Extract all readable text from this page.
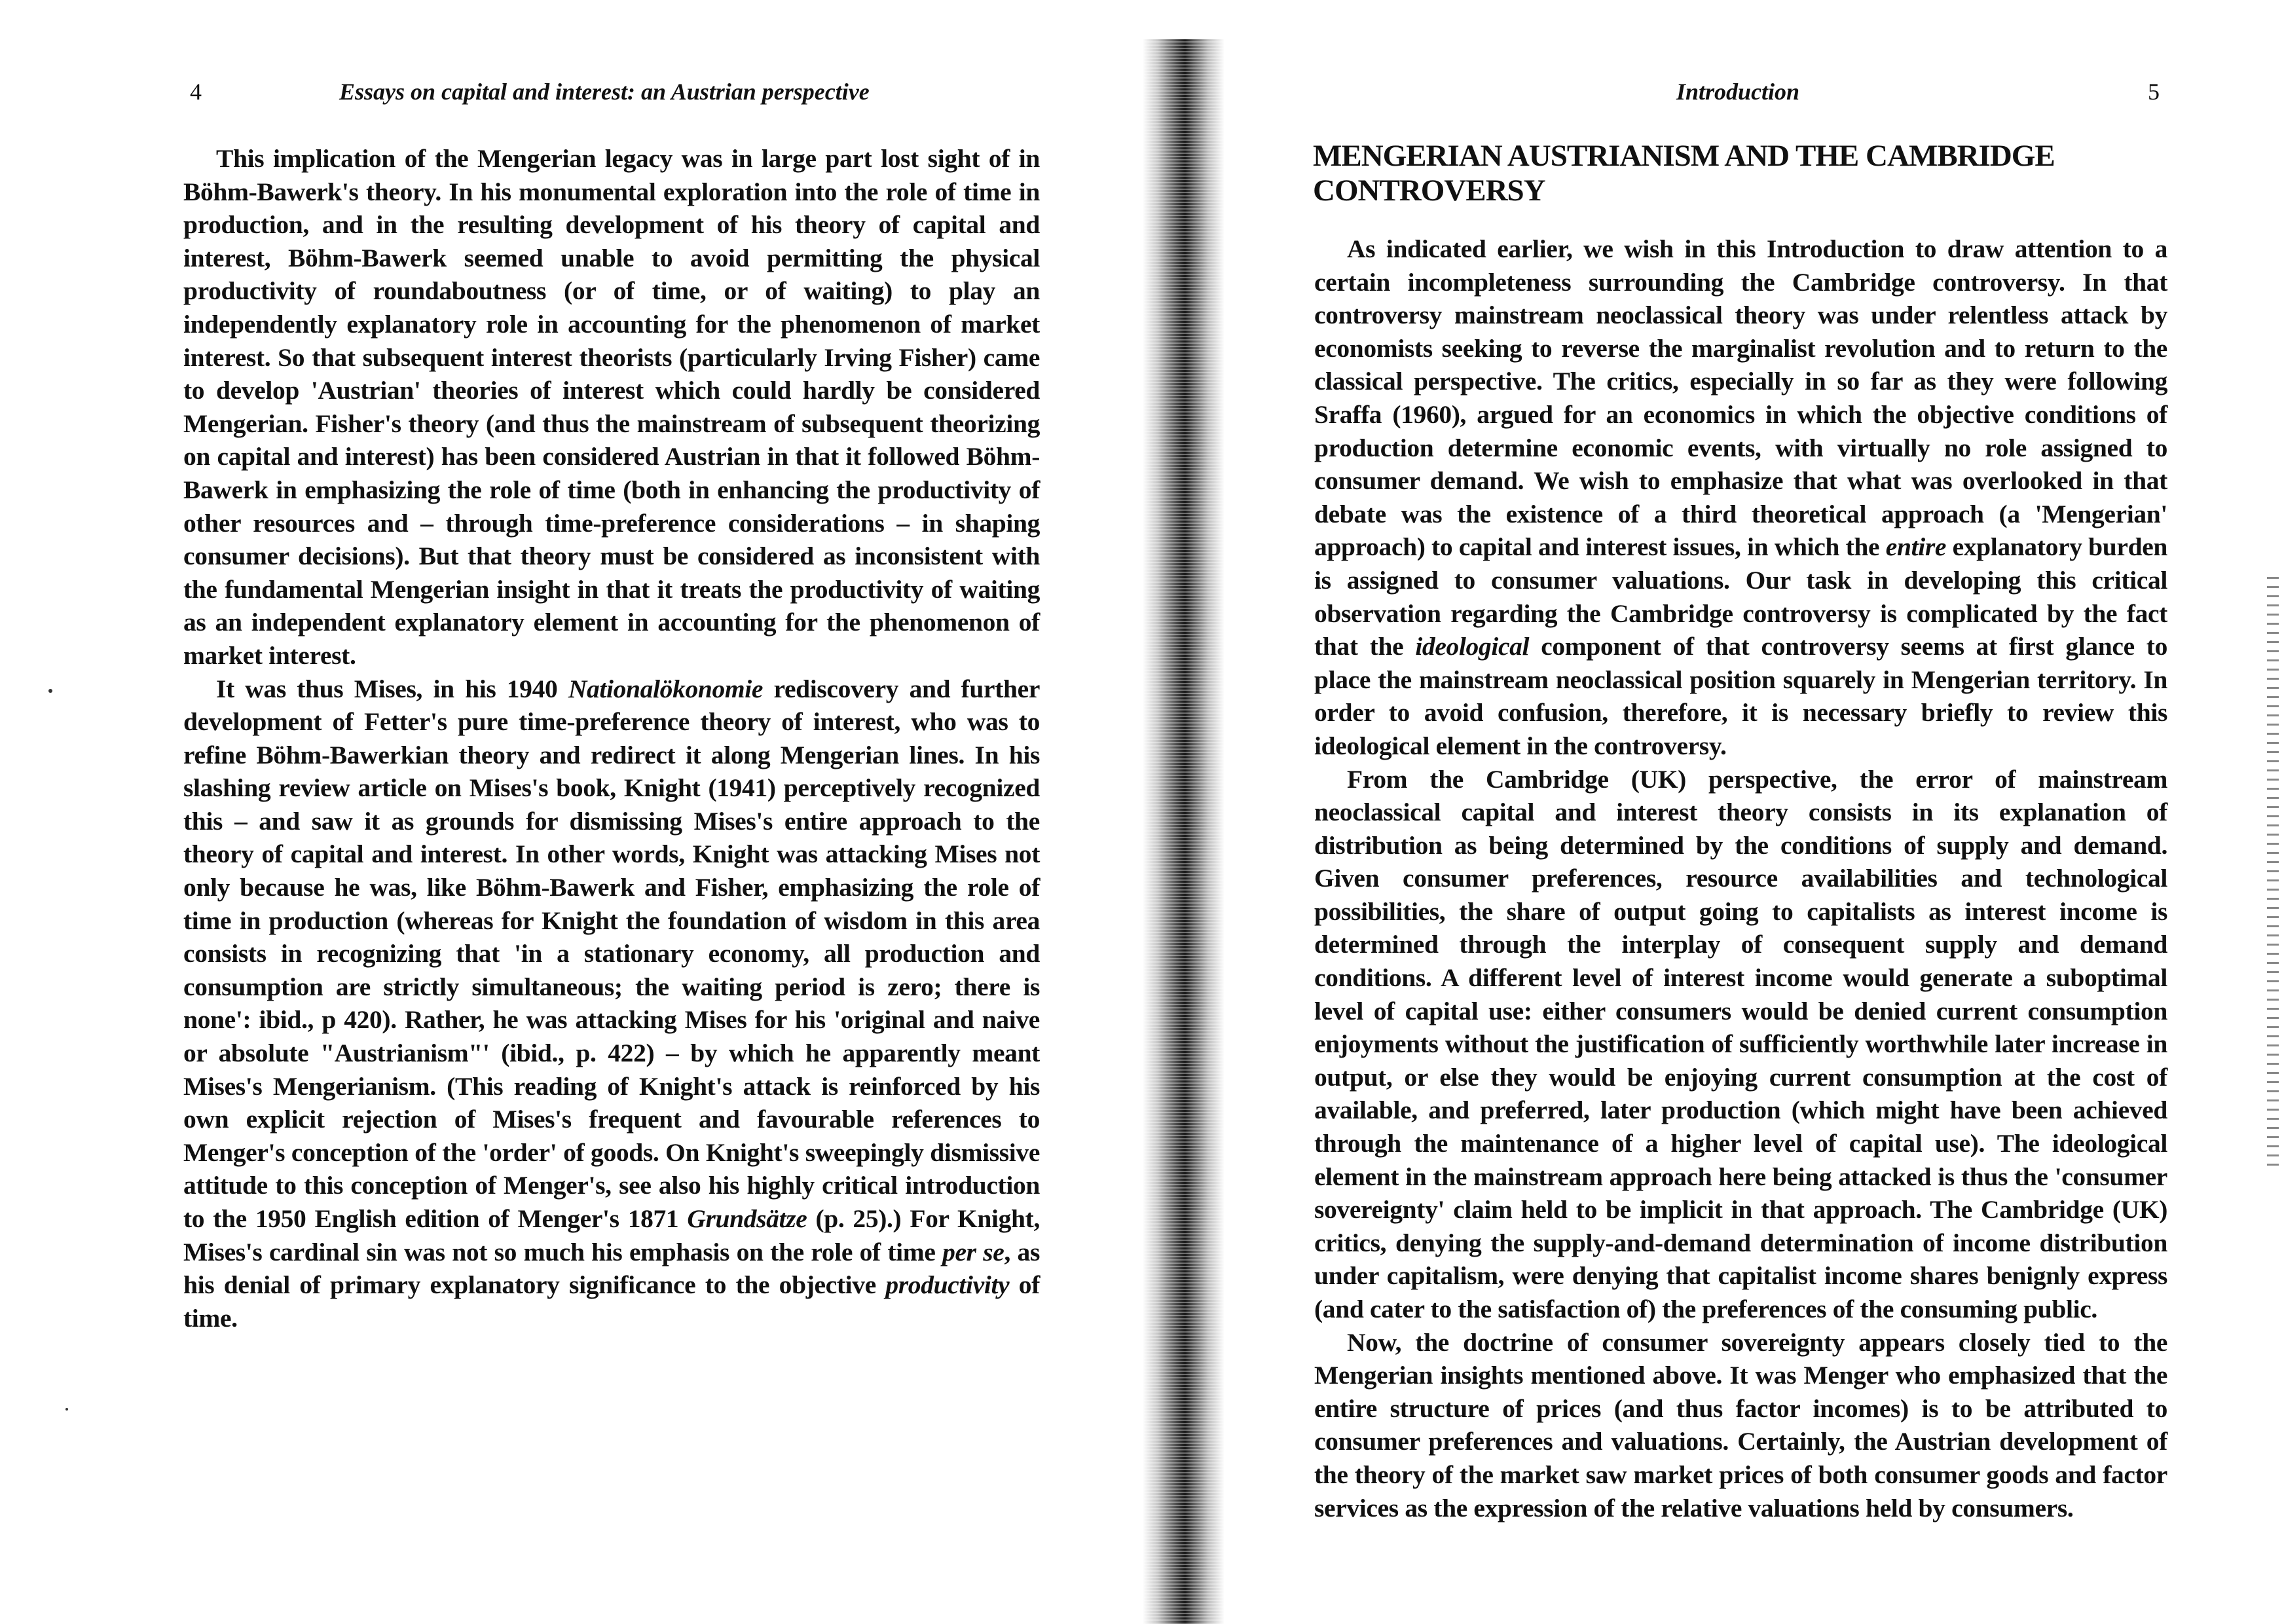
4	Essays on capital and interest: an Austrian perspective

This implication of the Mengerian legacy was in large part lost sight of in Böhm-Bawerk's theory. In his monumental exploration into the role of time in production, and in the resulting development of his theory of capital and interest, Böhm-Bawerk seemed unable to avoid permitting the physical productivity of roundaboutness (or of time, or of waiting) to play an independently explanatory role in accounting for the phenomenon of market interest. So that subsequent interest theorists (particularly Irving Fisher) came to develop 'Austrian' theories of interest which could hardly be considered Mengerian. Fisher's theory (and thus the mainstream of subsequent theorizing on capital and interest) has been considered Austrian in that it followed Böhm-Bawerk in emphasizing the role of time (both in enhancing the productivity of other resources and – through time-preference considerations – in shaping consumer decisions). But that theory must be considered as inconsistent with the fundamental Mengerian insight in that it treats the productivity of waiting as an independent explanatory element in accounting for the phenomenon of market interest.

It was thus Mises, in his 1940 Nationalökonomie rediscovery and further development of Fetter's pure time-preference theory of interest, who was to refine Böhm-Bawerkian theory and redirect it along Mengerian lines. In his slashing review article on Mises's book, Knight (1941) perceptively recognized this – and saw it as grounds for dismissing Mises's entire approach to the theory of capital and interest. In other words, Knight was attacking Mises not only because he was, like Böhm-Bawerk and Fisher, emphasizing the role of time in production (whereas for Knight the foundation of wisdom in this area consists in recognizing that 'in a stationary economy, all production and consumption are strictly simultaneous; the waiting period is zero; there is none': ibid., p 420). Rather, he was attacking Mises for his 'original and naive or absolute "Austrianism"' (ibid., p. 422) – by which he apparently meant Mises's Mengerianism. (This reading of Knight's attack is reinforced by his own explicit rejection of Mises's frequent and favourable references to Menger's conception of the 'order' of goods. On Knight's sweepingly dismissive attitude to this conception of Menger's, see also his highly critical introduction to the 1950 English edition of Menger's 1871 Grundsätze (p. 25).) For Knight, Mises's cardinal sin was not so much his emphasis on the role of time per se, as his denial of primary explanatory significance to the objective productivity of time.

Introduction	5
MENGERIAN AUSTRIANISM AND THE CAMBRIDGE CONTROVERSY

As indicated earlier, we wish in this Introduction to draw attention to a certain incompleteness surrounding the Cambridge controversy. In that controversy mainstream neoclassical theory was under relentless attack by economists seeking to reverse the marginalist revolution and to return to the classical perspective. The critics, especially in so far as they were following Sraffa (1960), argued for an economics in which the objective conditions of production determine economic events, with virtually no role assigned to consumer demand. We wish to emphasize that what was overlooked in that debate was the existence of a third theoretical approach (a 'Mengerian' approach) to capital and interest issues, in which the entire explanatory burden is assigned to consumer valuations. Our task in developing this critical observation regarding the Cambridge controversy is complicated by the fact that the ideological component of that controversy seems at first glance to place the mainstream neoclassical position squarely in Mengerian territory. In order to avoid confusion, therefore, it is necessary briefly to review this ideological element in the controversy.

From the Cambridge (UK) perspective, the error of mainstream neoclassical capital and interest theory consists in its explanation of distribution as being determined by the conditions of supply and demand. Given consumer preferences, resource availabilities and technological possibilities, the share of output going to capitalists as interest income is determined through the interplay of consequent supply and demand conditions. A different level of interest income would generate a suboptimal level of capital use: either consumers would be denied current consumption enjoyments without the justification of sufficiently worthwhile later increase in output, or else they would be enjoying current consumption at the cost of available, and preferred, later production (which might have been achieved through the maintenance of a higher level of capital use). The ideological element in the mainstream approach here being attacked is thus the 'consumer sovereignty' claim held to be implicit in that approach. The Cambridge (UK) critics, denying the supply-and-demand determination of income distribution under capitalism, were denying that capitalist income shares benignly express (and cater to the satisfaction of) the preferences of the consuming public.

Now, the doctrine of consumer sovereignty appears closely tied to the Mengerian insights mentioned above. It was Menger who emphasized that the entire structure of prices (and thus factor incomes) is to be attributed to consumer preferences and valuations. Certainly, the Austrian development of the theory of the market saw market prices of both consumer goods and factor services as the expression of the relative valuations held by consumers.
